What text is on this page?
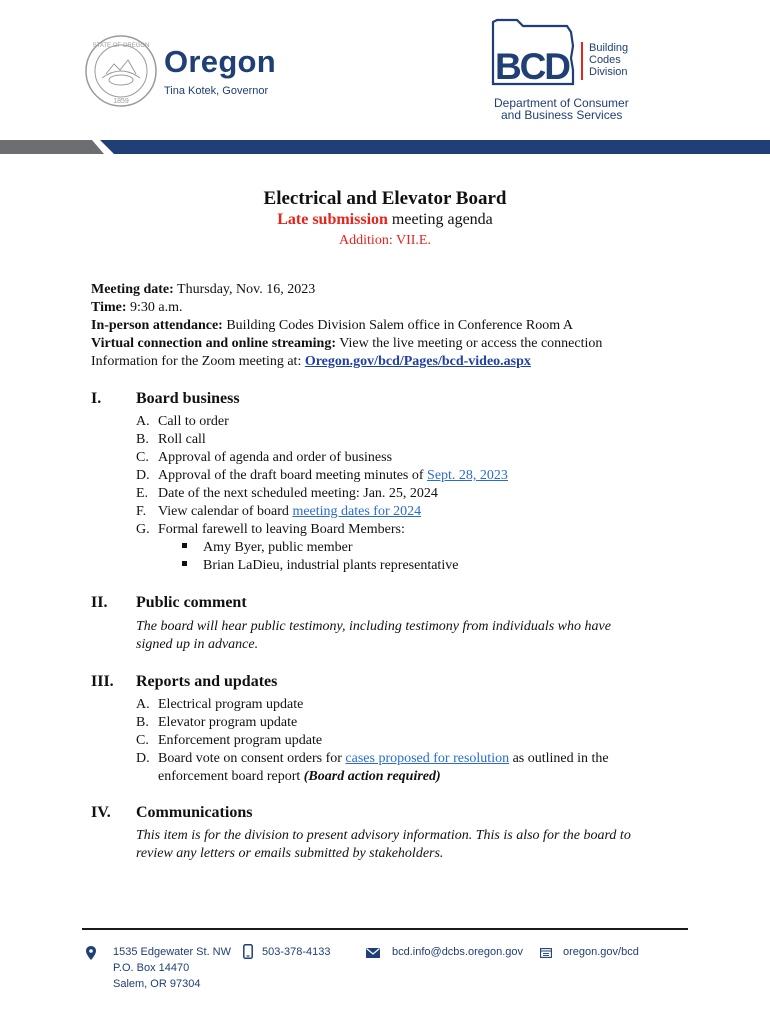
STATE OF OREGON
1859
Oregon
Tina Kotek, Governor
BCD Building
Codes
Division
Department of Consumer
and Business Services
Electrical and Elevator Board
Late submission meeting agenda
Addition: VII.E.
Meeting date: Thursday, Nov. 16, 2023
Time: 9:30 a.m.
In-person attendance: Building Codes Division Salem office in Conference Room A
Virtual connection and online streaming: View the live meeting or access the connection
Information for the Zoom meeting at: Oregon.gov/bcd/Pages/bcd-video.aspx
I. Board business
A. Call to order
B. Roll call
C. Approval of agenda and order of business
D. Approval of the draft board meeting minutes of Sept. 28, 2023
E. Date of the next scheduled meeting: Jan. 25, 2024
F. View calendar of board meeting dates for 2024
G. Formal farewell to leaving Board Members:
Amy Byer, public member
Brian LaDieu, industrial plants representative
II. Public comment
The board will hear public testimony, including testimony from individuals who have
signed up in advance.
III. Reports and updates
A. Electrical program update
B. Elevator program update
C. Enforcement program update
D. Board vote on consent orders for cases proposed for resolution as outlined in the
enforcement board report (Board action required)
IV. Communications
This item is for the division to present advisory information. This is also for the board to
review any letters or emails submitted by stakeholders.
1535 Edgewater St. NW
P.O. Box 14470
Salem, OR 97304
503-378-4133	bcd.info@dcbs.oregon.gov	oregon.gov/bcd
